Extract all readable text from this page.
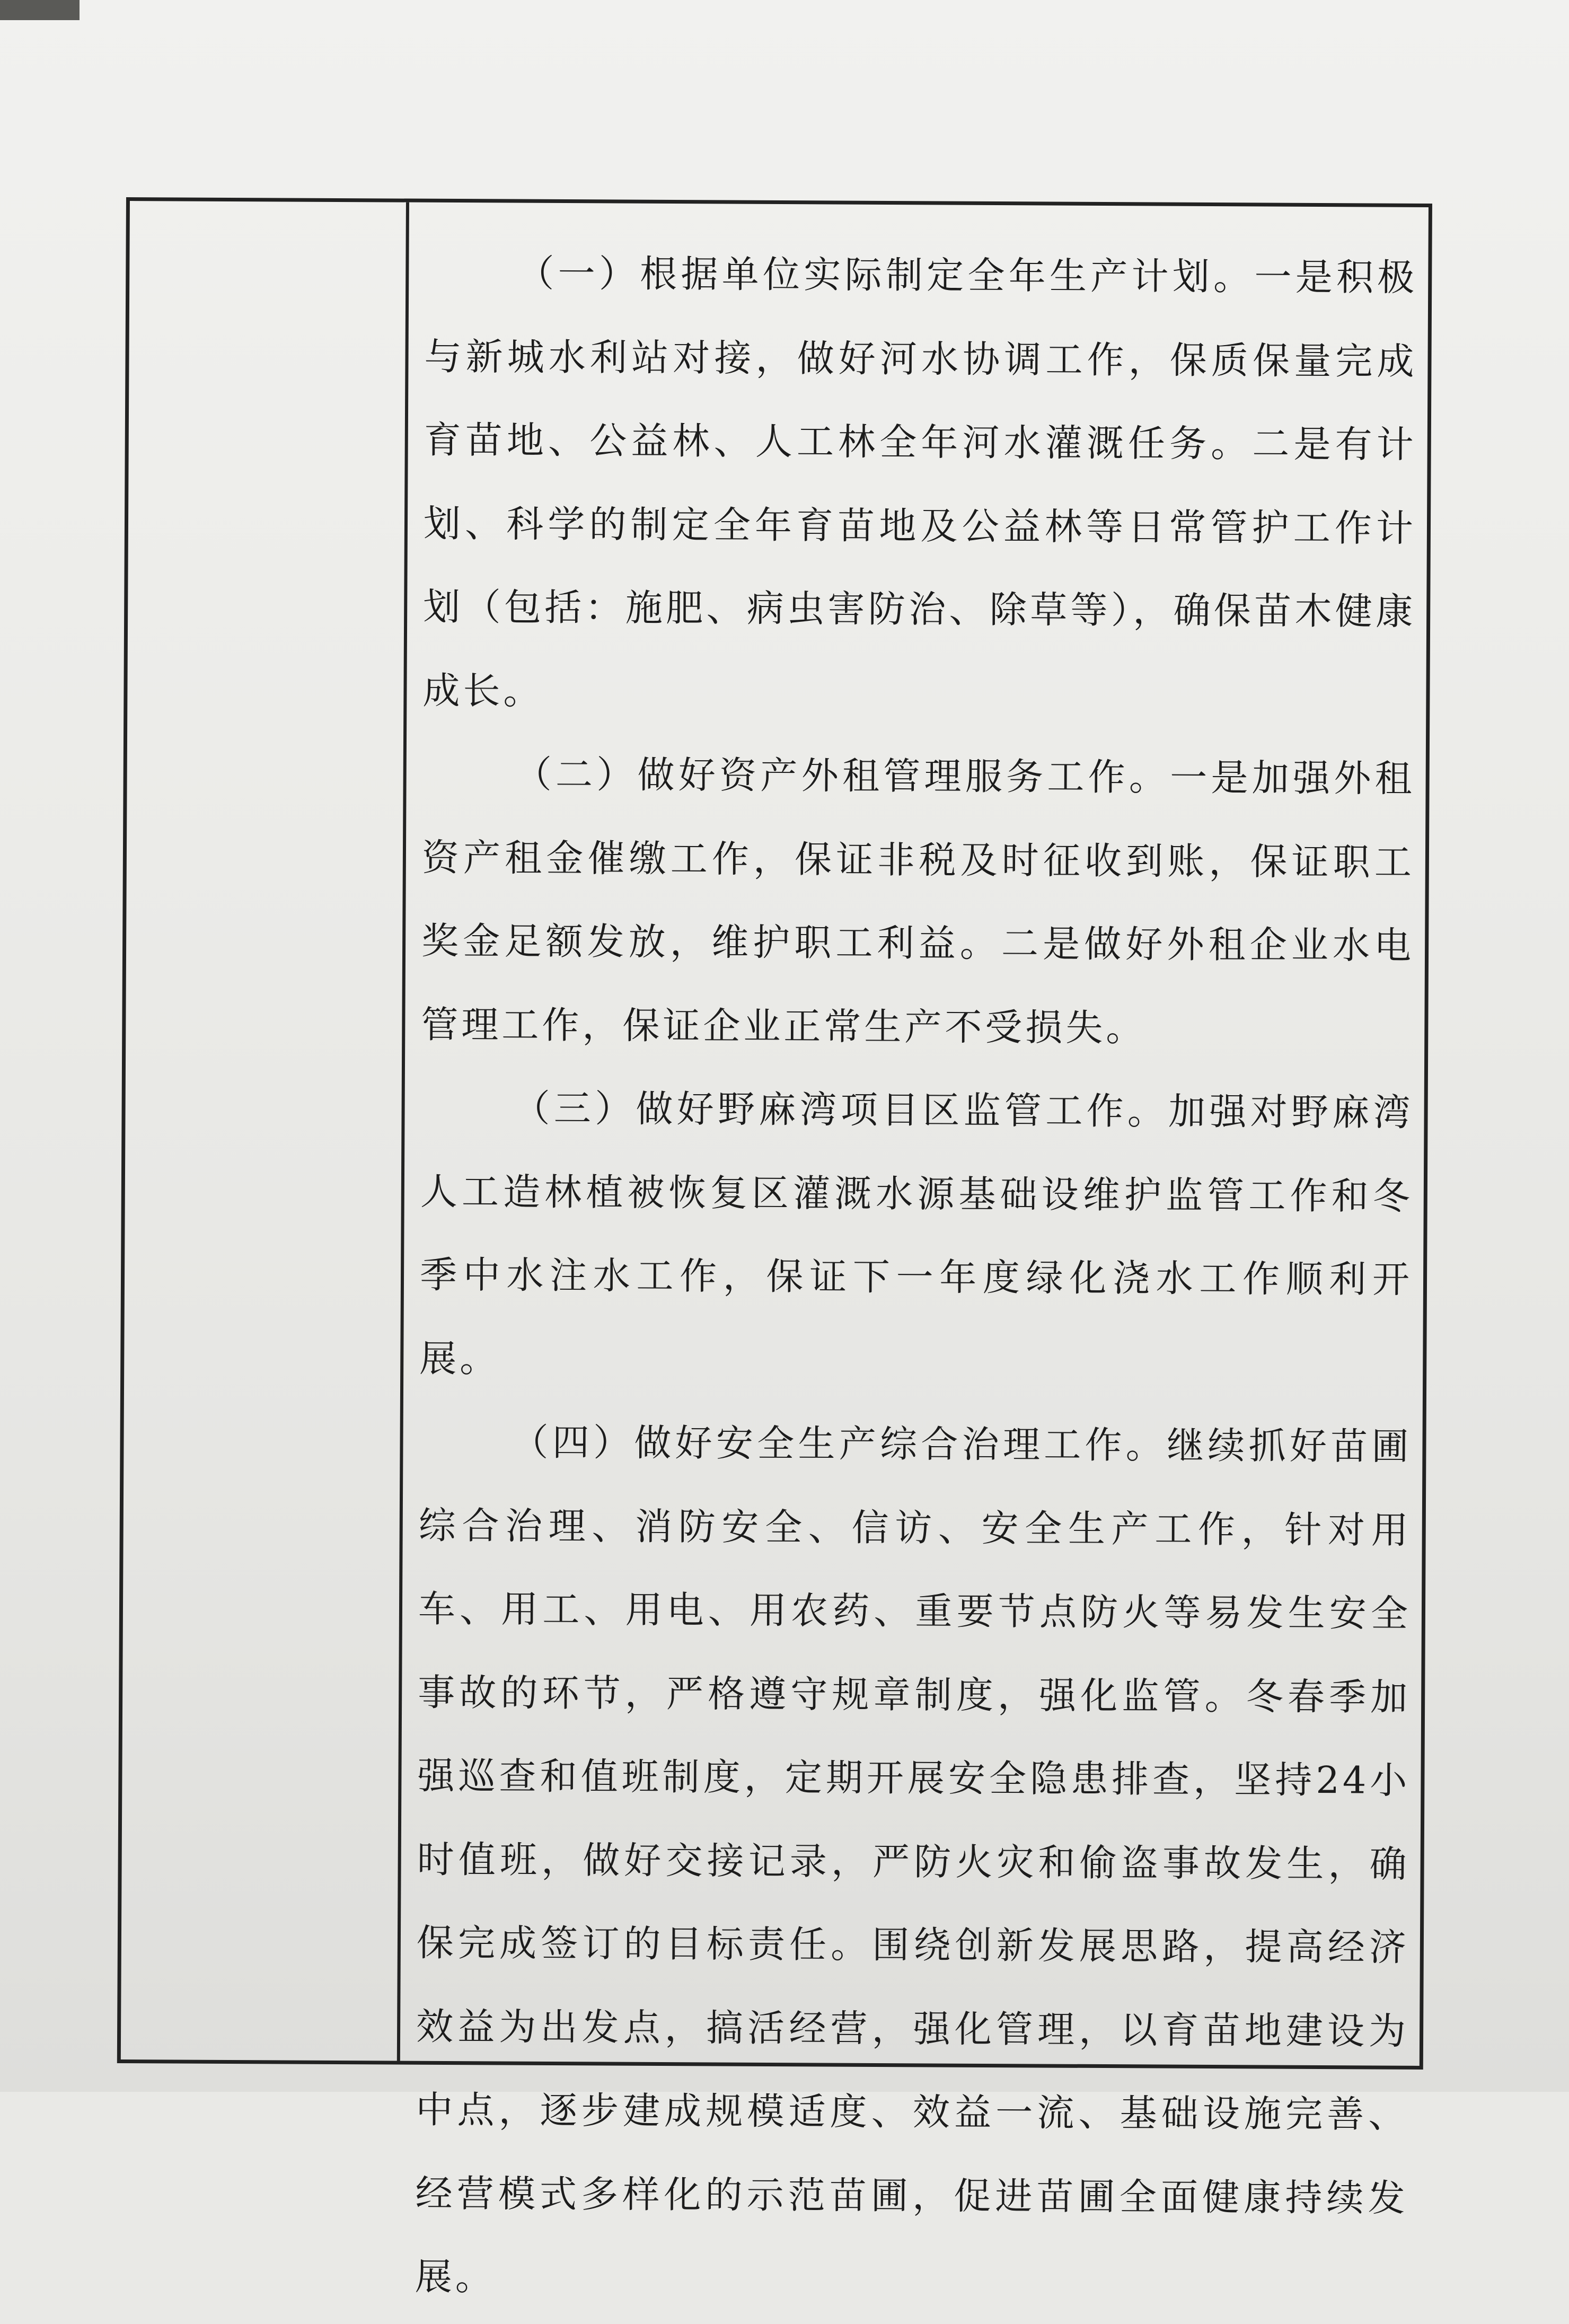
（一）根据单位实际制定全年生产计划。一是积极与新城水利站对接，做好河水协调工作，保质保量完成育苗地、公益林、人工林全年河水灌溉任务。二是有计划、科学的制定全年育苗地及公益林等日常管护工作计划（包括：施肥、病虫害防治、除草等），确保苗木健康成长。

（二）做好资产外租管理服务工作。一是加强外租资产租金催缴工作，保证非税及时征收到账，保证职工奖金足额发放，维护职工利益。二是做好外租企业水电管理工作，保证企业正常生产不受损失。

（三）做好野麻湾项目区监管工作。加强对野麻湾人工造林植被恢复区灌溉水源基础设维护监管工作和冬季中水注水工作，保证下一年度绿化浇水工作顺利开展。

（四）做好安全生产综合治理工作。继续抓好苗圃综合治理、消防安全、信访、安全生产工作，针对用车、用工、用电、用农药、重要节点防火等易发生安全事故的环节，严格遵守规章制度，强化监管。冬春季加强巡查和值班制度，定期开展安全隐患排查，坚持24小时值班，做好交接记录，严防火灾和偷盗事故发生，确保完成签订的目标责任。围绕创新发展思路，提高经济效益为出发点，搞活经营，强化管理，以育苗地建设为中点，逐步建成规模适度、效益一流、基础设施完善、经营模式多样化的示范苗圃，促进苗圃全面健康持续发展。
